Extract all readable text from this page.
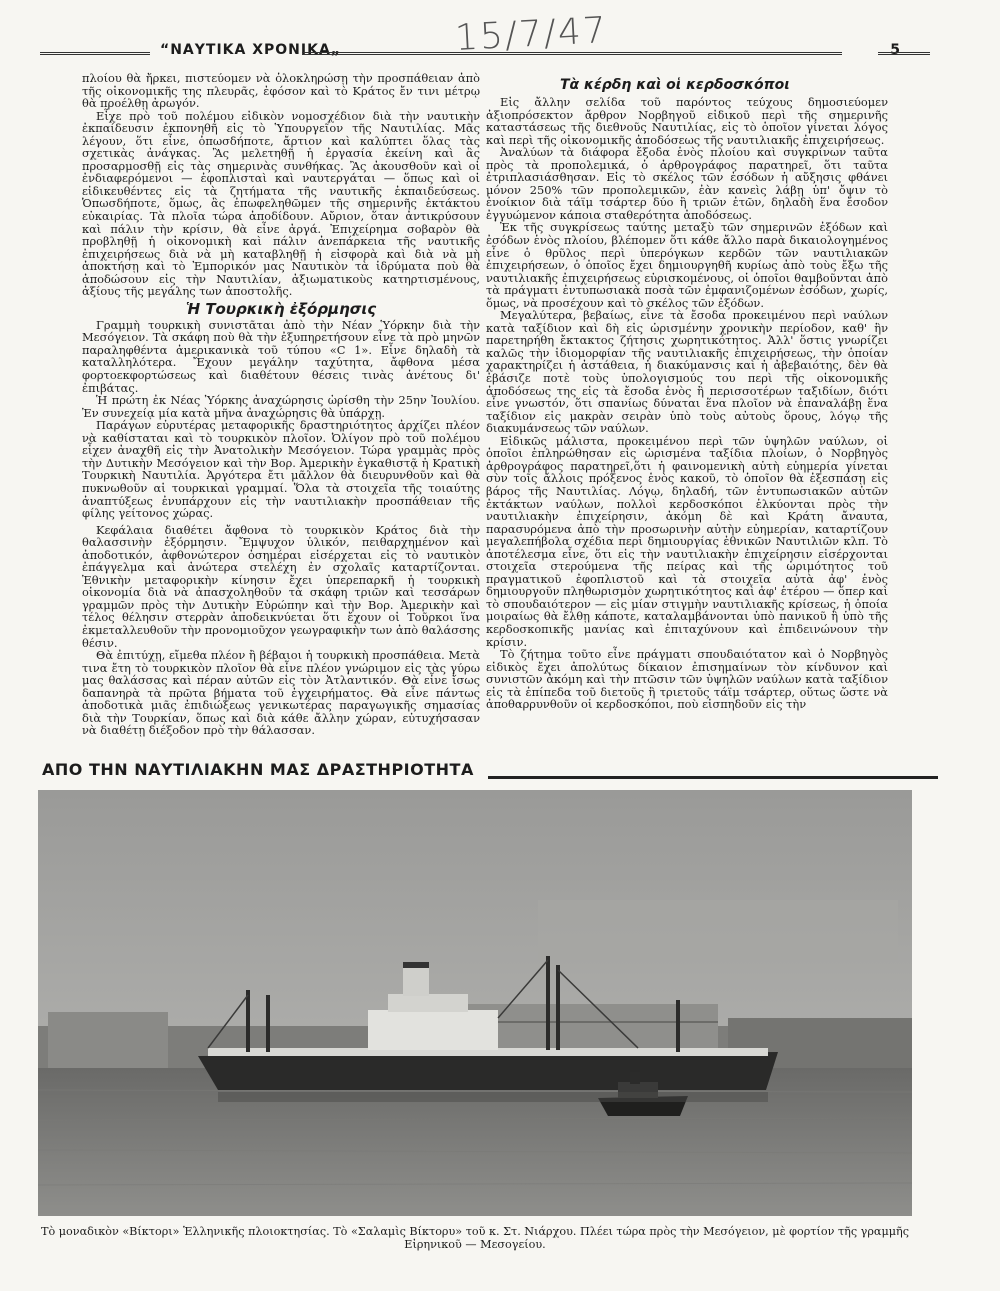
15/7/47
“ΝΑΥΤΙΚΑ ΧΡΟΝΙΚΑ„	5

πλοίου θὰ ἤρκει, πιστεύομεν νὰ ὁλοκληρώσῃ τὴν προσπάθειαν ἀπὸ τῆς οἰκονομικῆς της πλευρᾶς, ἐφόσον καὶ τὸ Κράτος ἔν τινι μέτρῳ θὰ προέλθῃ ἀρωγόν.

Εἶχε πρὸ τοῦ πολέμου εἰδικὸν νομοσχέδιον διὰ τὴν ναυτικὴν ἐκπαίδευσιν ἐκπονηθῆ εἰς τὸ Ὑπουργεῖον τῆς Ναυτιλίας. Μᾶς λέγουν, ὅτι εἶνε, ὁπωσδήποτε, ἄρτιον καὶ καλύπτει ὅλας τὰς σχετικὰς ἀνάγκας. Ἂς μελετηθῇ ἡ ἐργασία ἐκείνη καὶ ἂς προσαρμοσθῇ εἰς τὰς σημερινὰς συνθήκας. Ἂς ἀκουσθοῦν καὶ οἱ ἐνδιαφερόμενοι — ἐφοπλισταὶ καὶ ναυτεργάται — ὅπως καὶ οἱ εἰδικευθέντες εἰς τὰ ζητήματα τῆς ναυτικῆς ἐκπαιδεύσεως. Ὁπωσδήποτε, ὅμως, ἂς ἐπωφεληθῶμεν τῆς σημερινῆς ἐκτάκτου εὐκαιρίας. Τὰ πλοῖα τώρα ἀποδίδουν. Αὔριον, ὅταν ἀντικρύσουν καὶ πάλιν τὴν κρίσιν, θὰ εἶνε ἀργά. Ἐπιχείρημα σοβαρὸν θὰ προβληθῇ ἡ οἰκονομικὴ καὶ πάλιν ἀνεπάρκεια τῆς ναυτικῆς ἐπιχειρήσεως διὰ νὰ μὴ καταβληθῇ ἡ εἰσφορὰ καὶ διὰ νὰ μὴ ἀποκτήσῃ καὶ τὸ Ἐμπορικόν μας Ναυτικὸν τὰ ἱδρύματα ποὺ θὰ ἀποδώσουν εἰς τὴν Ναυτιλίαν, ἀξιωματικοὺς κατηρτισμένους, ἀξίους τῆς μεγάλης των ἀποστολῆς.

Ἡ Τουρκικὴ ἐξόρμησις

Γραμμὴ τουρκικὴ συνιστᾶται ἀπὸ τὴν Νέαν Ὑόρκην διὰ τὴν Μεσόγειον. Τὰ σκάφη ποὺ θὰ τὴν ἐξυπηρετήσουν εἶνε τὰ πρὸ μηνῶν παραληφθέντα ἀμερικανικὰ τοῦ τύπου «C 1». Εἶνε δηλαδὴ τὰ καταλληλότερα. Ἔχουν μεγάλην ταχύτητα, ἄφθονα μέσα φορτοεκφορτώσεως καὶ διαθέτουν θέσεις τινὰς ἀνέτους δι' ἐπιβάτας.

Ἡ πρώτη ἐκ Νέας Ὑόρκης ἀναχώρησις ὡρίσθη τὴν 25ην Ἰουλίου. Ἐν συνεχείᾳ μία κατὰ μῆνα ἀναχώρησις θὰ ὑπάρχῃ.

Παράγων εὐρυτέρας μεταφορικῆς δραστηριότητος ἀρχίζει πλέον νὰ καθίσταται καὶ τὸ τουρκικὸν πλοῖον. Ὀλίγον πρὸ τοῦ πολέμου εἶχεν ἀναχθῆ εἰς τὴν Ἀνατολικὴν Μεσόγειον. Τώρα γραμμὰς πρὸς τὴν Δυτικὴν Μεσόγειον καὶ τὴν Βορ. Ἀμερικὴν ἐγκαθιστᾷ ἡ Κρατικὴ Τουρκικὴ Ναυτιλία. Ἀργότερα ἔτι μᾶλλον θὰ διευρυνθοῦν καὶ θὰ πυκνωθοῦν αἱ τουρκικαὶ γραμμαί. Ὅλα τὰ στοιχεῖα τῆς τοιαύτης ἀναπτύξεως ἐνυπάρχουν εἰς τὴν ναυτιλιακὴν προσπάθειαν τῆς φίλης γείτονος χώρας.

Κεφάλαια διαθέτει ἄφθονα τὸ τουρκικὸν Κράτος διὰ τὴν θαλασσινὴν ἐξόρμησιν. Ἔμψυχον ὑλικόν, πειθαρχημένον καὶ ἀποδοτικόν, ἀφθονώτερον ὁσημέραι εἰσέρχεται εἰς τὸ ναυτικὸν ἐπάγγελμα καὶ ἀνώτερα στελέχη ἐν σχολαῖς καταρτίζονται. Ἐθνικὴν μεταφορικὴν κίνησιν ἔχει ὑπερεπαρκῆ ἡ τουρκικὴ οἰκονομία διὰ νὰ ἀπασχοληθοῦν τὰ σκάφη τριῶν καὶ τεσσάρων γραμμῶν πρὸς τὴν Δυτικὴν Εὐρώπην καὶ τὴν Βορ. Ἀμερικὴν καὶ τέλος θέλησιν στερρὰν ἀποδεικνύεται ὅτι ἔχουν οἱ Τοῦρκοι ἵνα ἐκμεταλλευθοῦν τὴν προνομιοῦχον γεωγραφικὴν των ἀπὸ θαλάσσης θέσιν.

Θὰ ἐπιτύχῃ, εἴμεθα πλέον ἢ βέβαιοι ἡ τουρκικὴ προσπάθεια. Μετὰ τινα ἔτη τὸ τουρκικὸν πλοῖον θὰ εἶνε πλέον γνώριμον εἰς τὰς γύρω μας θαλάσσας καὶ πέραν αὐτῶν εἰς τὸν Ἀτλαντικόν. Θὰ εἶνε ἴσως δαπανηρὰ τὰ πρῶτα βήματα τοῦ ἐγχειρήματος. Θὰ εἶνε πάντως ἀποδοτικὰ μιᾶς ἐπιδιώξεως γενικωτέρας παραγωγικῆς σημασίας διὰ τὴν Τουρκίαν, ὅπως καὶ διὰ κάθε ἄλλην χώραν, εὐτυχήσασαν νὰ διαθέτῃ διέξοδον πρὸ τὴν θάλασσαν.

Τὰ κέρδη καὶ οἱ κερδοσκόποι

Εἰς ἄλλην σελίδα τοῦ παρόντος τεύχους δημοσιεύομεν ἀξιοπρόσεκτον ἄρθρον Νορβηγοῦ εἰδικοῦ περὶ τῆς σημερινῆς καταστάσεως τῆς διεθνοῦς Ναυτιλίας, εἰς τὸ ὁποῖον γίνεται λόγος καὶ περὶ τῆς οἰκονομικῆς ἀποδόσεως τῆς ναυτιλιακῆς ἐπιχειρήσεως.

Ἀναλύων τὰ διάφορα ἔξοδα ἑνὸς πλοίου καὶ συγκρίνων ταῦτα πρὸς τὰ προπολεμικά, ὁ ἀρθρογράφος παρατηρεῖ, ὅτι ταῦτα ἐτριπλασιάσθησαν. Εἰς τὸ σκέλος τῶν ἐσόδων ἡ αὔξησις φθάνει μόνον 250% τῶν προπολεμικῶν, ἐὰν κανεὶς λάβῃ ὑπ' ὄψιν τὸ ἐνοίκιον διὰ τάϊμ τσάρτερ δύο ἢ τριῶν ἐτῶν, δηλαδὴ ἕνα ἔσοδον ἐγγυώμενον κάποια σταθερότητα ἀποδόσεως.

Ἐκ τῆς συγκρίσεως ταύτης μεταξὺ τῶν σημερινῶν ἐξόδων καὶ ἐσόδων ἑνὸς πλοίου, βλέπομεν ὅτι κάθε ἄλλο παρὰ δικαιολογημένος εἶνε ὁ θρῦλος περὶ ὑπερόγκων κερδῶν τῶν ναυτιλιακῶν ἐπιχειρήσεων, ὁ ὁποῖος ἔχει δημιουργηθῆ κυρίως ἀπὸ τοὺς ἔξω τῆς ναυτιλιακῆς ἐπιχειρήσεως εὑρισκομένους, οἱ ὁποῖοι θαμβοῦνται ἀπὸ τὰ πράγματι ἐντυπωσιακὰ ποσὰ τῶν ἐμφανιζομένων ἐσόδων, χωρίς, ὅμως, νὰ προσέχουν καὶ τὸ σκέλος τῶν ἐξόδων.

Μεγαλύτερα, βεβαίως, εἶνε τὰ ἔσοδα προκειμένου περὶ ναύλων κατὰ ταξίδιον καὶ δὴ εἰς ὡρισμένην χρονικὴν περίοδον, καθ' ἣν παρετηρήθη ἔκτακτος ζήτησις χωρητικότητος. Ἀλλ' ὅστις γνωρίζει καλῶς τὴν ἰδιομορφίαν τῆς ναυτιλιακῆς ἐπιχειρήσεως, τὴν ὁποίαν χαρακτηρίζει ἡ ἀστάθεια, ἡ διακύμανσις καὶ ἡ ἀβεβαιότης, δὲν θὰ ἐβάσιζε ποτὲ τοὺς ὑπολογισμούς του περὶ τῆς οἰκονομικῆς ἀποδόσεως της εἰς τὰ ἔσοδα ἑνὸς ἢ περισσοτέρων ταξιδίων, διότι εἶνε γνωστόν, ὅτι σπανίως δύναται ἕνα πλοῖον νὰ ἐπαναλάβῃ ἕνα ταξίδιον εἰς μακρὰν σειρὰν ὑπὸ τοὺς αὐτοὺς ὅρους, λόγῳ τῆς διακυμάνσεως τῶν ναύλων.

Εἰδικῶς μάλιστα, προκειμένου περὶ τῶν ὑψηλῶν ναύλων, οἱ ὁποῖοι ἐπληρώθησαν εἰς ὡρισμένα ταξίδια πλοίων, ὁ Νορβηγὸς ἀρθρογράφος παρατηρεῖ,ὅτι ἡ φαινομενικὴ αὐτὴ εὐημερία γίνεται σὺν τοῖς ἄλλοις πρόξενος ἑνὸς κακοῦ, τὸ ὁποῖον θὰ ἐξεσπάσῃ εἰς βάρος τῆς Ναυτιλίας. Λόγῳ, δηλαδή, τῶν ἐντυπωσιακῶν αὐτῶν ἐκτάκτων ναύλων, πολλοὶ κερδοσκόποι ἑλκύονται πρὸς τὴν ναυτιλιακὴν ἐπιχείρησιν, ἀκόμη δὲ καὶ Κράτη ἄναυτα, παρασυρόμενα ἀπὸ τὴν προσωρινὴν αὐτὴν εὐημερίαν, καταρτίζουν μεγαλεπήβολα σχέδια περὶ δημιουργίας ἐθνικῶν Ναυτιλιῶν κλπ. Τὸ ἀποτέλεσμα εἶνε, ὅτι εἰς τὴν ναυτιλιακὴν ἐπιχείρησιν εἰσέρχονται στοιχεῖα στερούμενα τῆς πείρας καὶ τῆς ὡριμότητος τοῦ πραγματικοῦ ἐφοπλιστοῦ καὶ τὰ στοιχεῖα αὐτὰ ἀφ' ἑνὸς δημιουργοῦν πληθωρισμὸν χωρητικότητος καὶ ἀφ' ἑτέρου — ὅπερ καὶ τὸ σπουδαιότερον — εἰς μίαν στιγμὴν ναυτιλιακῆς κρίσεως, ἡ ὁποία μοιραίως θὰ ἔλθῃ κάποτε, καταλαμβάνονται ὑπὸ πανικοῦ ἢ ὑπὸ τῆς κερδοσκοπικῆς μανίας καὶ ἐπιταχύνουν καὶ ἐπιδεινώνουν τὴν κρίσιν.

Τὸ ζήτημα τοῦτο εἶνε πράγματι σπουδαιότατον καὶ ὁ Νορβηγὸς εἰδικὸς ἔχει ἀπολύτως δίκαιον ἐπισημαίνων τὸν κίνδυνον καὶ συνιστῶν ἀκόμη καὶ τὴν πτῶσιν τῶν ὑψηλῶν ναύλων κατὰ ταξίδιον εἰς τὰ ἐπίπεδα τοῦ διετοῦς ἢ τριετοῦς τάϊμ τσάρτερ, οὕτως ὥστε νὰ ἀποθαρρυνθοῦν οἱ κερδοσκόποι, ποὺ εἰσπηδοῦν εἰς τὴν

ΑΠΟ ΤΗΝ ΝΑΥΤΙΛΙΑΚΗΝ ΜΑΣ ΔΡΑΣΤΗΡΙΟΤΗΤΑ
Τὸ μοναδικὸν «Βίκτορι» Ἑλληνικῆς πλοιοκτησίας. Τὸ «Σαλαμὶς Βίκτορυ» τοῦ κ. Στ. Νιάρχου. Πλέει τώρα πρὸς τὴν Μεσόγειον, μὲ φορτίον τῆς γραμμῆς Εἰρηνικοῦ — Μεσογείου.
